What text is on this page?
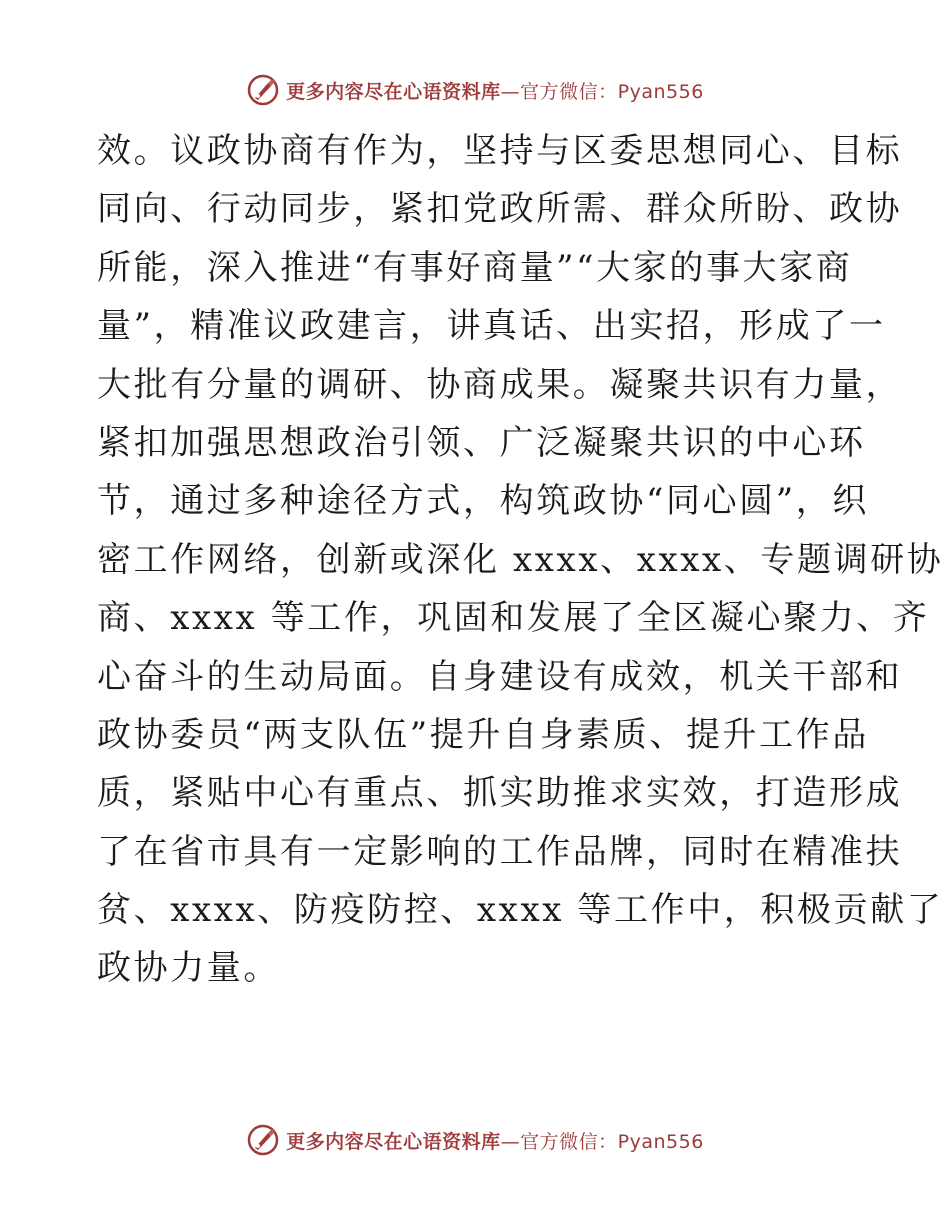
更多内容尽在心语资料库—官方微信：Pyan556
效。议政协商有作为，坚持与区委思想同心、目标
同向、行动同步，紧扣党政所需、群众所盼、政协
所能，深入推进“有事好商量”“大家的事大家商
量”，精准议政建言，讲真话、出实招，形成了一
大批有分量的调研、协商成果。凝聚共识有力量，
紧扣加强思想政治引领、广泛凝聚共识的中心环
节，通过多种途径方式，构筑政协“同心圆”，织
密工作网络，创新或深化 xxxx、xxxx、专题调研协
商、xxxx 等工作，巩固和发展了全区凝心聚力、齐
心奋斗的生动局面。自身建设有成效，机关干部和
政协委员“两支队伍”提升自身素质、提升工作品
质，紧贴中心有重点、抓实助推求实效，打造形成
了在省市具有一定影响的工作品牌，同时在精准扶
贫、xxxx、防疫防控、xxxx 等工作中，积极贡献了
政协力量。
更多内容尽在心语资料库—官方微信：Pyan556
